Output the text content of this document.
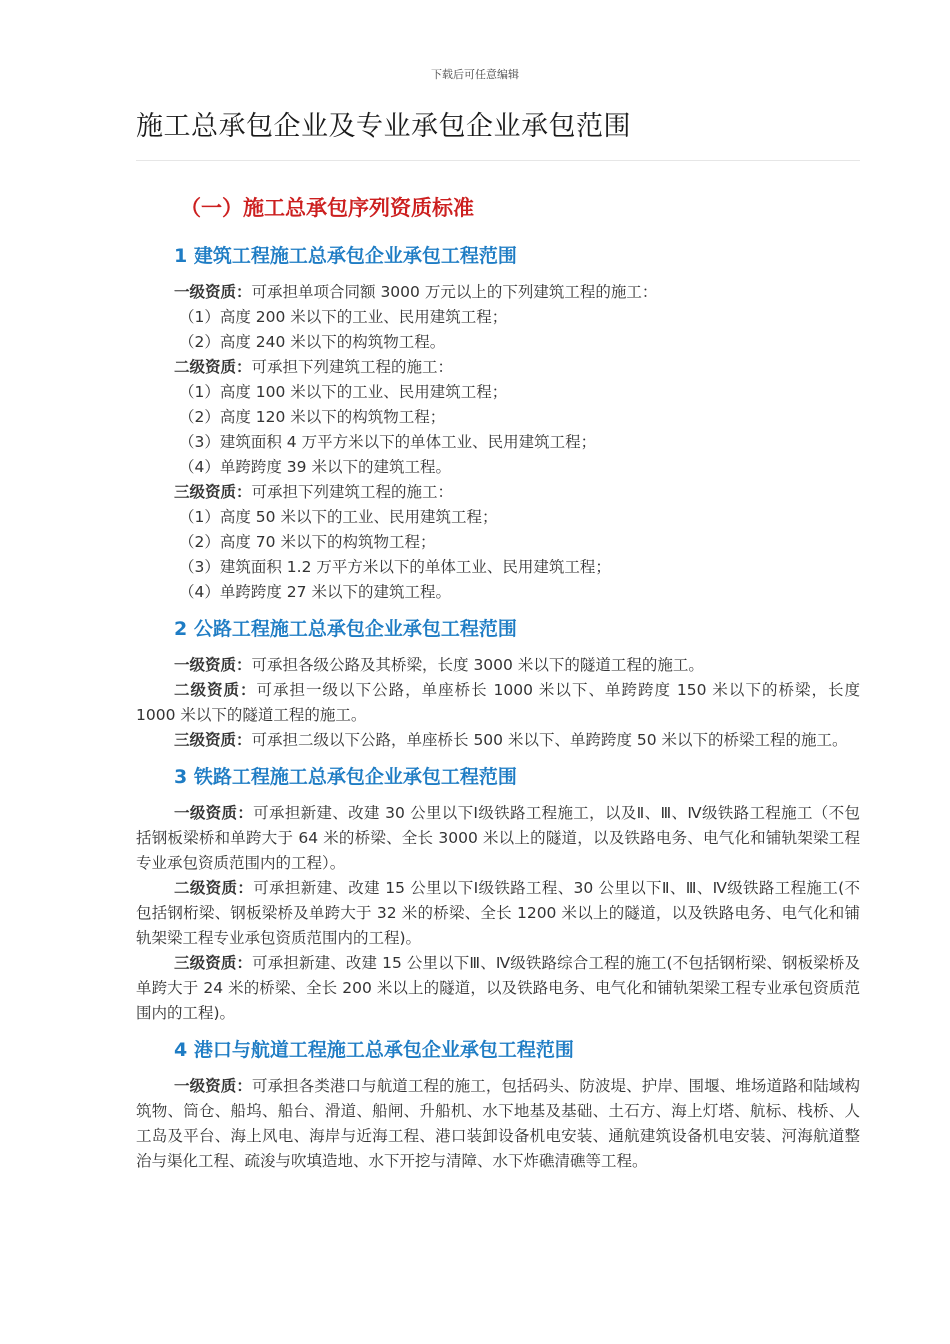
下载后可任意编辑
施工总承包企业及专业承包企业承包范围
（一）施工总承包序列资质标准
1 建筑工程施工总承包企业承包工程范围

一级资质：可承担单项合同额 3000 万元以上的下列建筑工程的施工：

（1）高度 200 米以下的工业、民用建筑工程；

（2）高度 240 米以下的构筑物工程。

二级资质：可承担下列建筑工程的施工：

（1）高度 100 米以下的工业、民用建筑工程；

（2）高度 120 米以下的构筑物工程；

（3）建筑面积 4 万平方米以下的单体工业、民用建筑工程；

（4）单跨跨度 39 米以下的建筑工程。

三级资质：可承担下列建筑工程的施工：

（1）高度 50 米以下的工业、民用建筑工程；

（2）高度 70 米以下的构筑物工程；

（3）建筑面积 1.2 万平方米以下的单体工业、民用建筑工程；

（4）单跨跨度 27 米以下的建筑工程。

2 公路工程施工总承包企业承包工程范围

一级资质：可承担各级公路及其桥梁，长度 3000 米以下的隧道工程的施工。

二级资质：可承担一级以下公路，单座桥长 1000 米以下、单跨跨度 150 米以下的桥梁，长度 1000 米以下的隧道工程的施工。

三级资质：可承担二级以下公路，单座桥长 500 米以下、单跨跨度 50 米以下的桥梁工程的施工。

3 铁路工程施工总承包企业承包工程范围

一级资质：可承担新建、改建 30 公里以下Ⅰ级铁路工程施工，以及Ⅱ、Ⅲ、Ⅳ级铁路工程施工（不包括钢板梁桥和单跨大于 64 米的桥梁、全长 3000 米以上的隧道，以及铁路电务、电气化和铺轨架梁工程专业承包资质范围内的工程）。

二级资质：可承担新建、改建 15 公里以下Ⅰ级铁路工程、30 公里以下Ⅱ、Ⅲ、Ⅳ级铁路工程施工(不包括钢桁梁、钢板梁桥及单跨大于 32 米的桥梁、全长 1200 米以上的隧道，以及铁路电务、电气化和铺轨架梁工程专业承包资质范围内的工程)。

三级资质：可承担新建、改建 15 公里以下Ⅲ、Ⅳ级铁路综合工程的施工(不包括钢桁梁、钢板梁桥及单跨大于 24 米的桥梁、全长 200 米以上的隧道，以及铁路电务、电气化和铺轨架梁工程专业承包资质范围内的工程)。

4 港口与航道工程施工总承包企业承包工程范围

一级资质：可承担各类港口与航道工程的施工，包括码头、防波堤、护岸、围堰、堆场道路和陆域构筑物、筒仓、船坞、船台、滑道、船闸、升船机、水下地基及基础、土石方、海上灯塔、航标、栈桥、人工岛及平台、海上风电、海岸与近海工程、港口装卸设备机电安装、通航建筑设备机电安装、河海航道整治与渠化工程、疏浚与吹填造地、水下开挖与清障、水下炸礁清礁等工程。
